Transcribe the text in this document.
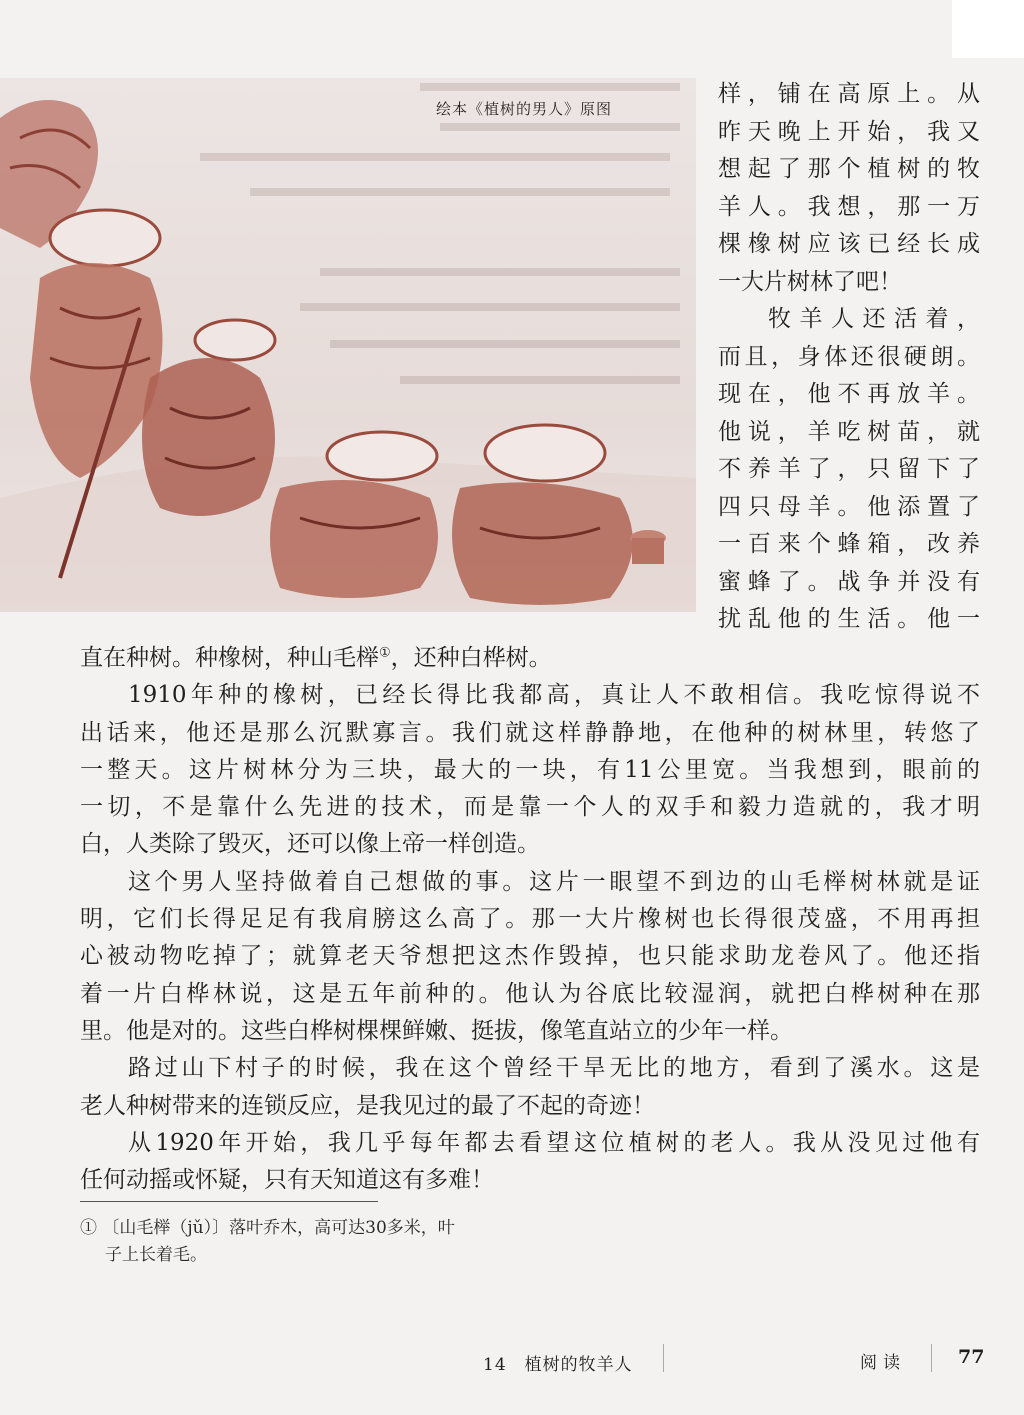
绘本《植树的男人》原图
样，铺在高原上。从
昨天晚上开始，我又
想起了那个植树的牧
羊人。我想，那一万
棵橡树应该已经长成
一大片树林了吧！
牧羊人还活着，
而且，身体还很硬朗。
现在，他不再放羊。
他说，羊吃树苗，就
不养羊了，只留下了
四只母羊。他添置了
一百来个蜂箱，改养
蜜蜂了。战争并没有
扰乱他的生活。他一
直在种树。种橡树，种山毛榉①，还种白桦树。
1910年种的橡树，已经长得比我都高，真让人不敢相信。我吃惊得说不
出话来，他还是那么沉默寡言。我们就这样静静地，在他种的树林里，转悠了
一整天。这片树林分为三块，最大的一块，有11公里宽。当我想到，眼前的
一切，不是靠什么先进的技术，而是靠一个人的双手和毅力造就的，我才明
白，人类除了毁灭，还可以像上帝一样创造。
这个男人坚持做着自己想做的事。这片一眼望不到边的山毛榉树林就是证
明，它们长得足足有我肩膀这么高了。那一大片橡树也长得很茂盛，不用再担
心被动物吃掉了；就算老天爷想把这杰作毁掉，也只能求助龙卷风了。他还指
着一片白桦林说，这是五年前种的。他认为谷底比较湿润，就把白桦树种在那
里。他是对的。这些白桦树棵棵鲜嫩、挺拔，像笔直站立的少年一样。
路过山下村子的时候，我在这个曾经干旱无比的地方，看到了溪水。这是
老人种树带来的连锁反应，是我见过的最了不起的奇迹！
从1920年开始，我几乎每年都去看望这位植树的老人。我从没见过他有
任何动摇或怀疑，只有天知道这有多难！
① 〔山毛榉（jǔ）〕落叶乔木，高可达30多米，叶
子上长着毛。
14　植树的牧羊人	阅读	77
